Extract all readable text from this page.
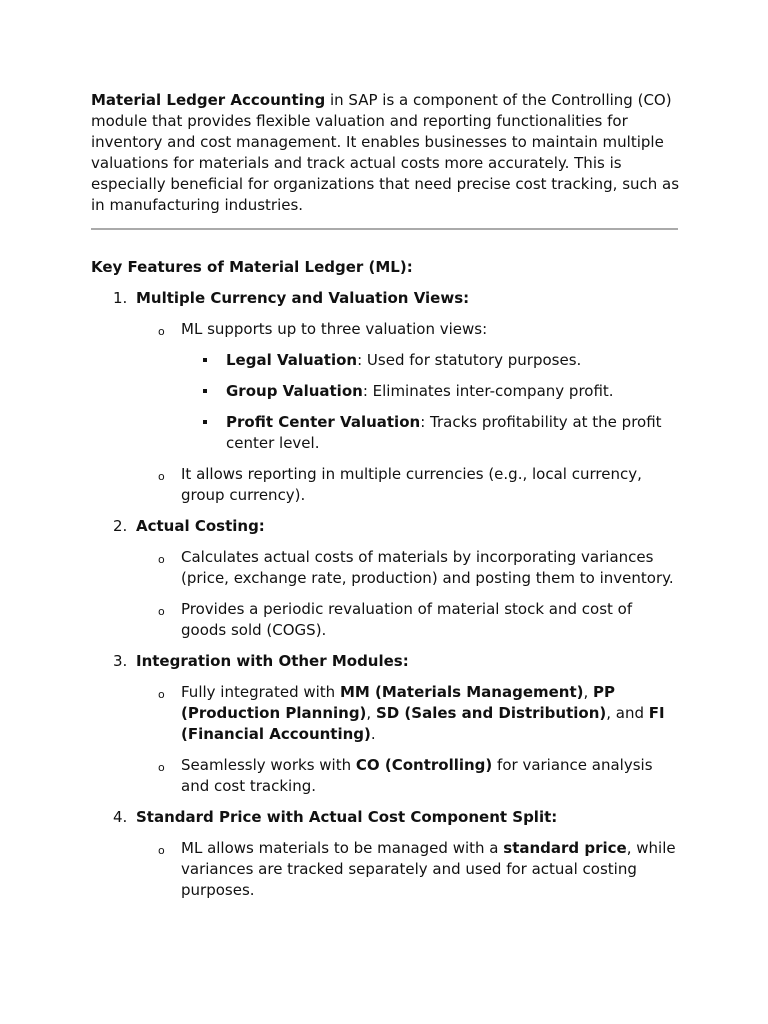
Material Ledger Accounting in SAP is a component of the Controlling (CO) module that provides flexible valuation and reporting functionalities for inventory and cost management. It enables businesses to maintain multiple valuations for materials and track actual costs more accurately. This is especially beneficial for organizations that need precise cost tracking, such as in manufacturing industries.

Key Features of Material Ledger (ML):

1. Multiple Currency and Valuation Views:
o ML supports up to three valuation views:
Legal Valuation: Used for statutory purposes.
Group Valuation: Eliminates inter-company profit.
Profit Center Valuation: Tracks profitability at the profit center level.
o It allows reporting in multiple currencies (e.g., local currency, group currency).
2. Actual Costing:
o Calculates actual costs of materials by incorporating variances (price, exchange rate, production) and posting them to inventory.
o Provides a periodic revaluation of material stock and cost of goods sold (COGS).
3. Integration with Other Modules:
o Fully integrated with MM (Materials Management), PP (Production Planning), SD (Sales and Distribution), and FI (Financial Accounting).
o Seamlessly works with CO (Controlling) for variance analysis and cost tracking.
4. Standard Price with Actual Cost Component Split:
o ML allows materials to be managed with a standard price, while variances are tracked separately and used for actual costing purposes.
